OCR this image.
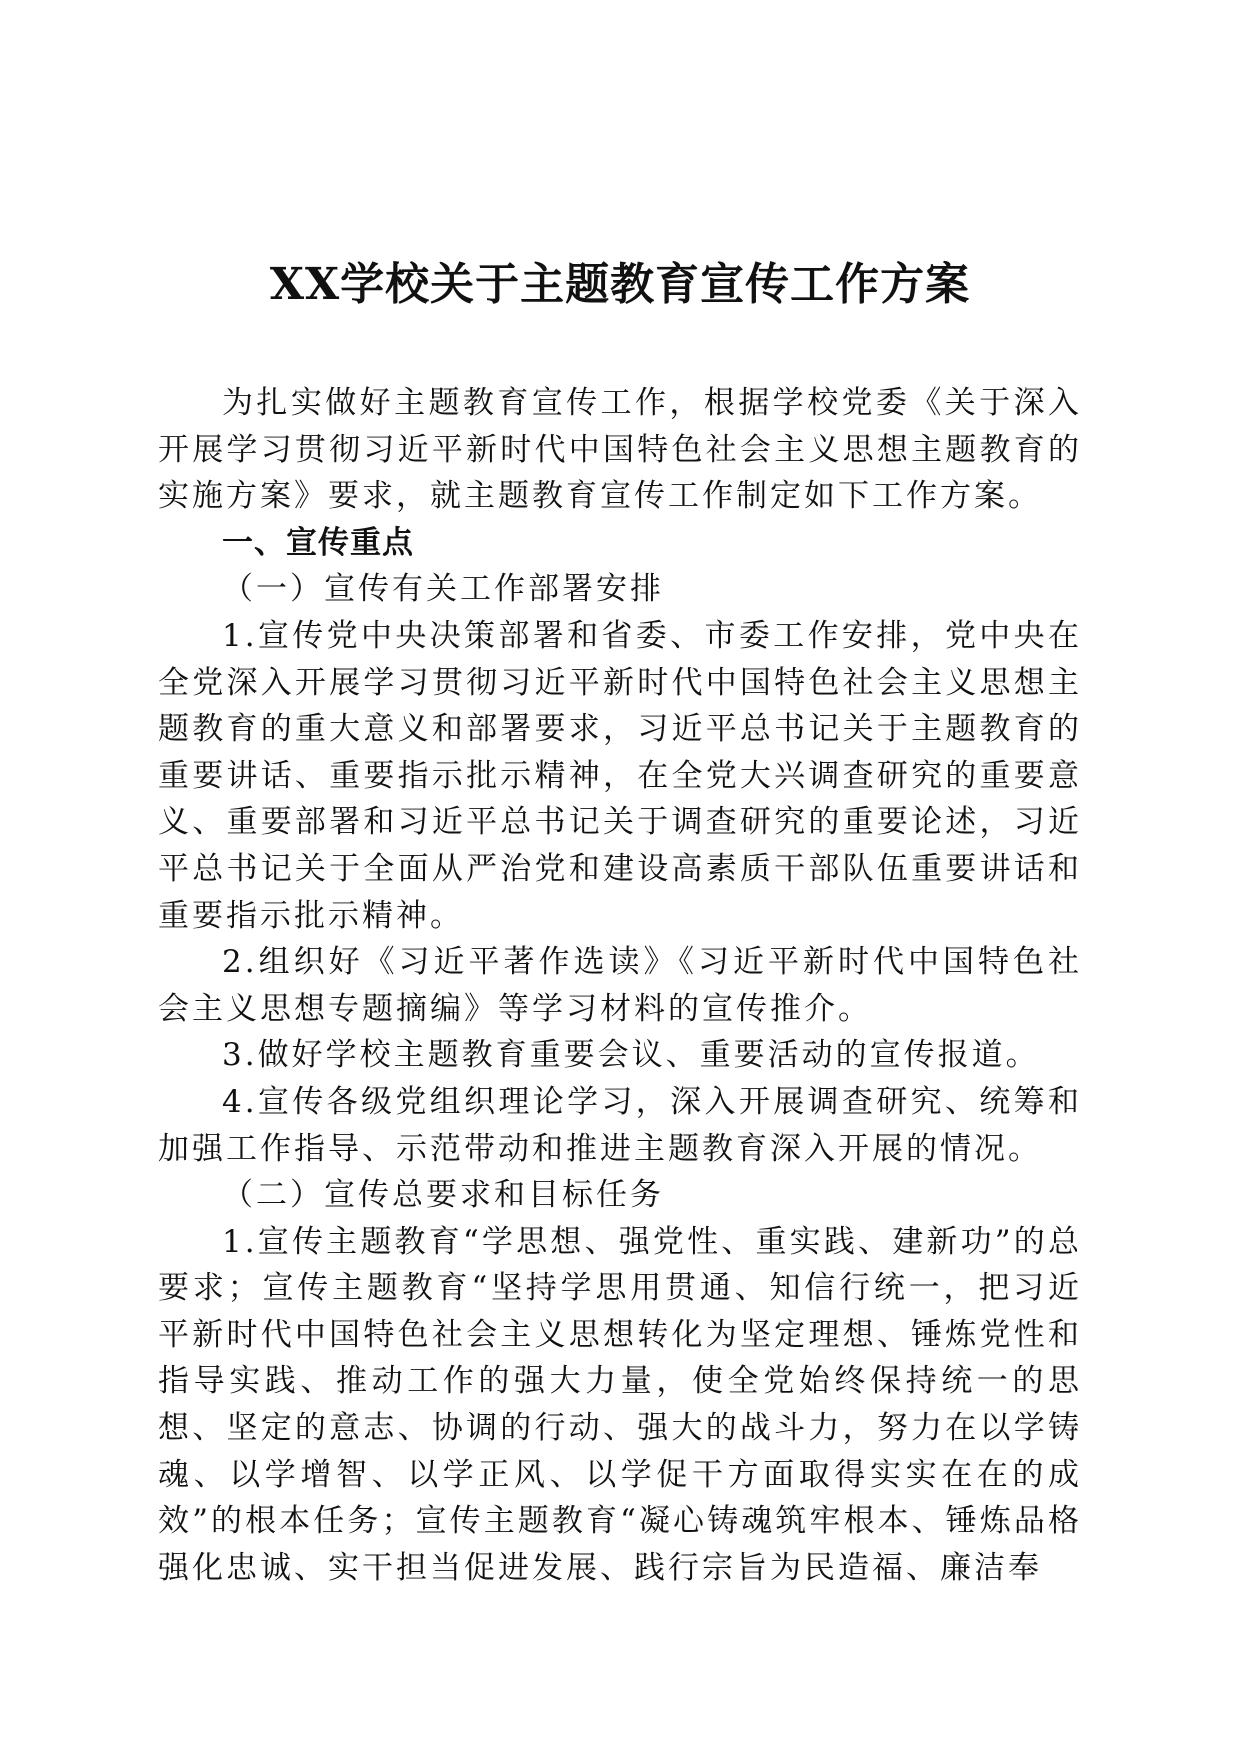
XX学校关于主题教育宣传工作方案

为扎实做好主题教育宣传工作，根据学校党委《关于深入开展学习贯彻习近平新时代中国特色社会主义思想主题教育的实施方案》要求，就主题教育宣传工作制定如下工作方案。

一、宣传重点

（一）宣传有关工作部署安排

1.宣传党中央决策部署和省委、市委工作安排，党中央在全党深入开展学习贯彻习近平新时代中国特色社会主义思想主题教育的重大意义和部署要求，习近平总书记关于主题教育的重要讲话、重要指示批示精神，在全党大兴调查研究的重要意义、重要部署和习近平总书记关于调查研究的重要论述，习近平总书记关于全面从严治党和建设高素质干部队伍重要讲话和重要指示批示精神。

2.组织好《习近平著作选读》《习近平新时代中国特色社会主义思想专题摘编》等学习材料的宣传推介。

3.做好学校主题教育重要会议、重要活动的宣传报道。

4.宣传各级党组织理论学习，深入开展调查研究、统筹和加强工作指导、示范带动和推进主题教育深入开展的情况。

（二）宣传总要求和目标任务

1.宣传主题教育“学思想、强党性、重实践、建新功”的总要求；宣传主题教育“坚持学思用贯通、知信行统一，把习近平新时代中国特色社会主义思想转化为坚定理想、锤炼党性和指导实践、推动工作的强大力量，使全党始终保持统一的思想、坚定的意志、协调的行动、强大的战斗力，努力在以学铸魂、以学增智、以学正风、以学促干方面取得实实在在的成效”的根本任务；宣传主题教育“凝心铸魂筑牢根本、锤炼品格强化忠诚、实干担当促进发展、践行宗旨为民造福、廉洁奉
